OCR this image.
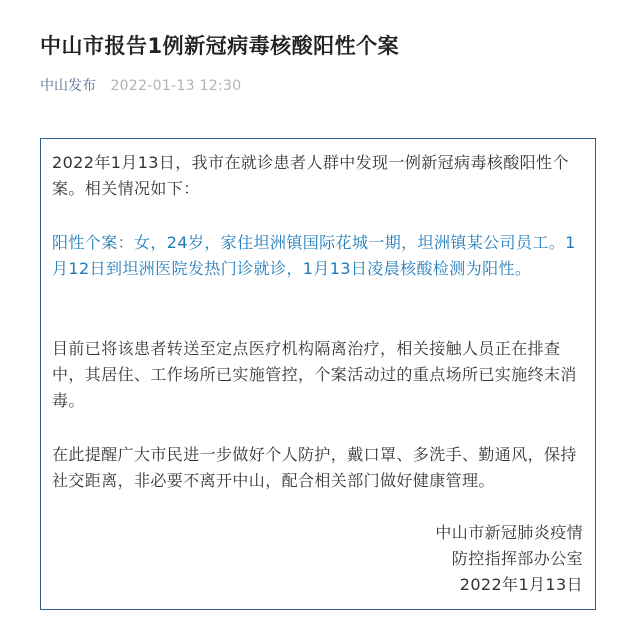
中山市报告1例新冠病毒核酸阳性个案
中山发布 2022-01-13 12:30
2022年1月13日，我市在就诊患者人群中发现一例新冠病毒核酸阳性个案。相关情况如下：
阳性个案：女，24岁，家住坦洲镇国际花城一期，坦洲镇某公司员工。1月12日到坦洲医院发热门诊就诊，1月13日凌晨核酸检测为阳性。
目前已将该患者转送至定点医疗机构隔离治疗，相关接触人员正在排查中，其居住、工作场所已实施管控，个案活动过的重点场所已实施终末消毒。
在此提醒广大市民进一步做好个人防护，戴口罩、多洗手、勤通风，保持社交距离，非必要不离开中山，配合相关部门做好健康管理。
中山市新冠肺炎疫情
防控指挥部办公室
2022年1月13日
